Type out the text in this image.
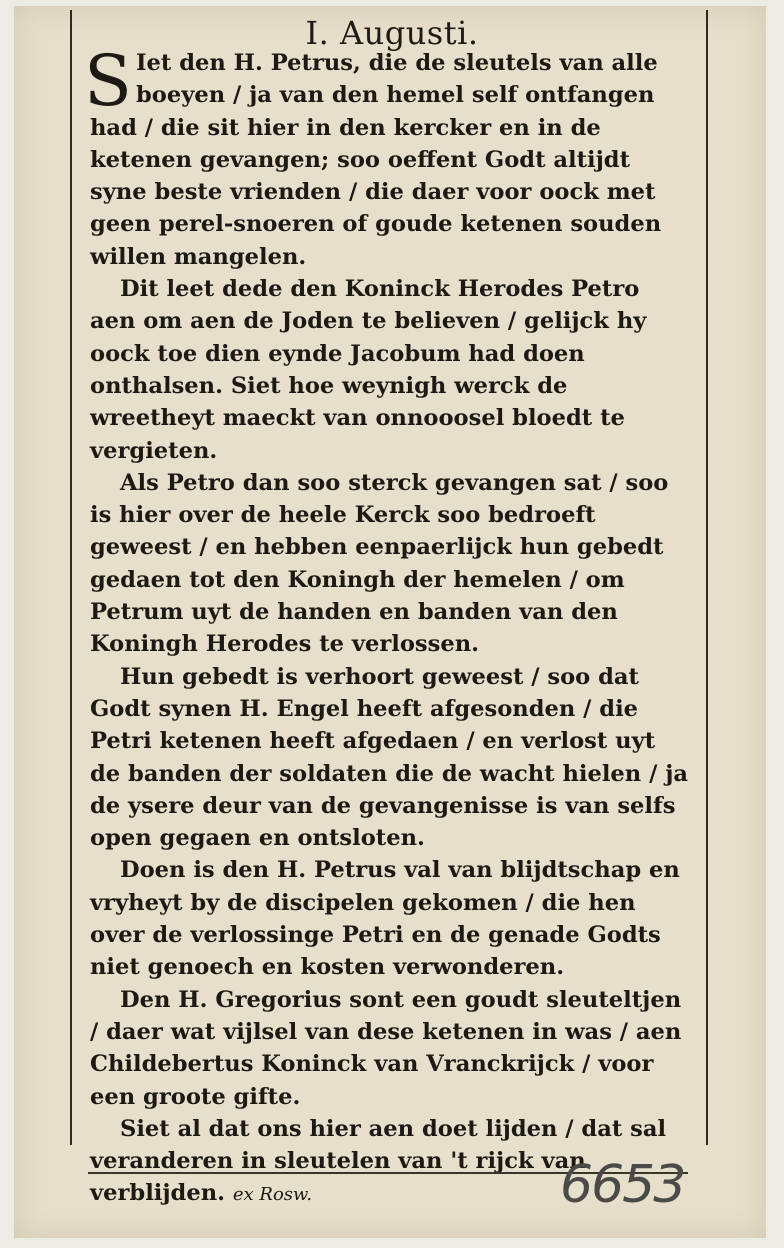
I. Augusti.

S Iet den H. Petrus, die de sleutels van alle boeyen / ja van den hemel self ontfangen had / die sit hier in den kercker en in de ketenen gevangen; soo oeffent Godt altijdt syne beste vrienden / die daer voor oock met geen perel-snoeren of goude ketenen souden willen mangelen.

Dit leet dede den Koninck Herodes Petro aen om aen de Joden te believen / gelijck hy oock toe dien eynde Jacobum had doen onthalsen. Siet hoe weynigh werck de wreetheyt maeckt van onnooosel bloedt te vergieten.

Als Petro dan soo sterck gevangen sat / soo is hier over de heele Kerck soo bedroeft geweest / en hebben eenpaerlijck hun gebedt gedaen tot den Koningh der hemelen / om Petrum uyt de handen en banden van den Koningh Herodes te verlossen.

Hun gebedt is verhoort geweest / soo dat Godt synen H. Engel heeft afgesonden / die Petri ketenen heeft afgedaen / en verlost uyt de banden der soldaten die de wacht hielen / ja de ysere deur van de gevangenisse is van selfs open gegaen en ontsloten.

Doen is den H. Petrus val van blijdtschap en vryheyt by de discipelen gekomen / die hen over de verlossinge Petri en de genade Godts niet genoech en kosten verwonderen.

Den H. Gregorius sont een goudt sleuteltjen / daer wat vijlsel van dese ketenen in was / aen Childebertus Koninck van Vranckrijck / voor een groote gifte.

Siet al dat ons hier aen doet lijden / dat sal veranderen in sleutelen van 't rijck van verblijden. ex Rosw.	6653
